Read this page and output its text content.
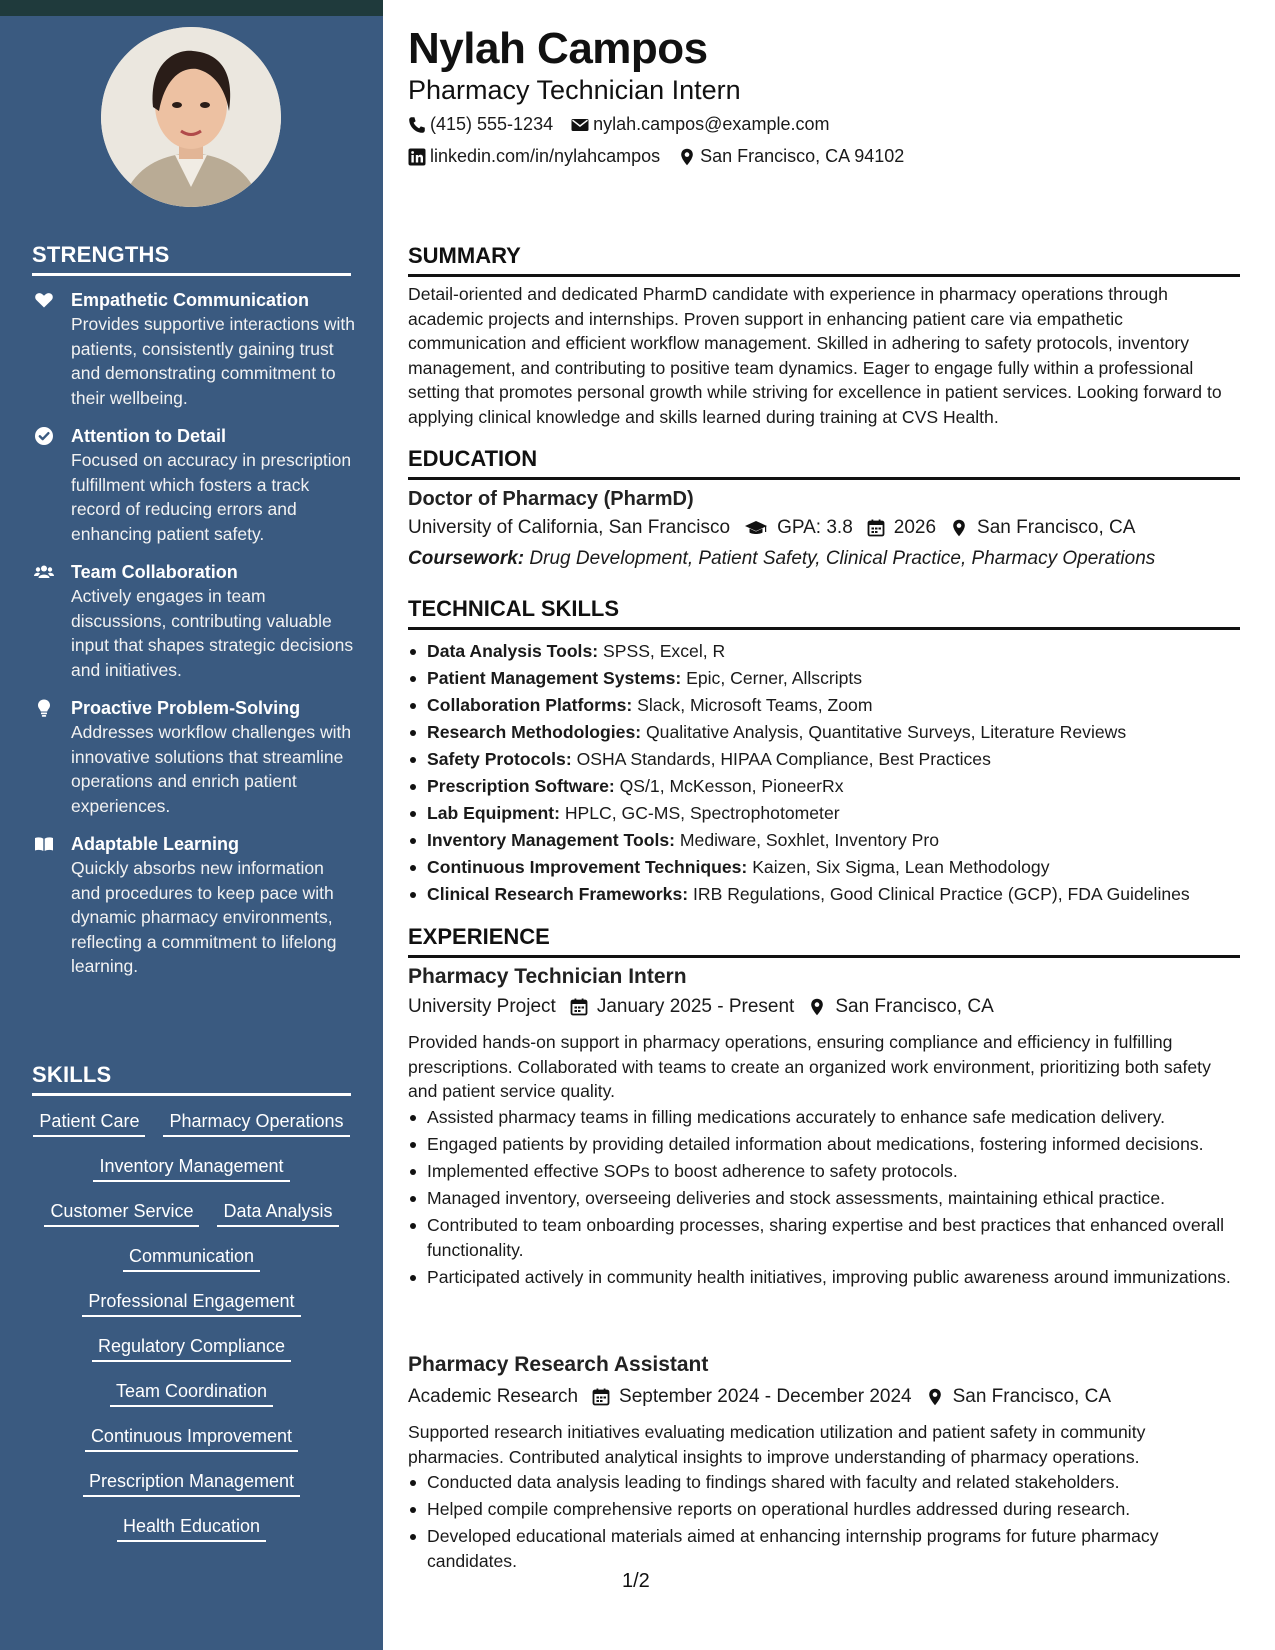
STRENGTHS
Empathetic Communication
Provides supportive interactions with patients, consistently gaining trust and demonstrating commitment to their wellbeing.
Attention to Detail
Focused on accuracy in prescription fulfillment which fosters a track record of reducing errors and enhancing patient safety.
Team Collaboration
Actively engages in team discussions, contributing valuable input that shapes strategic decisions and initiatives.
Proactive Problem-Solving
Addresses workflow challenges with innovative solutions that streamline operations and enrich patient experiences.
Adaptable Learning
Quickly absorbs new information and procedures to keep pace with dynamic pharmacy environments, reflecting a commitment to lifelong learning.
SKILLS
Patient Care	Pharmacy Operations
Inventory Management
Customer Service	Data Analysis
Communication
Professional Engagement
Regulatory Compliance
Team Coordination
Continuous Improvement
Prescription Management
Health Education
Nylah Campos
Pharmacy Technician Intern
(415) 555-1234 nylah.campos@example.com
linkedin.com/in/nylahcampos San Francisco, CA 94102
SUMMARY

Detail-oriented and dedicated PharmD candidate with experience in pharmacy operations through academic projects and internships. Proven support in enhancing patient care via empathetic communication and efficient workflow management. Skilled in adhering to safety protocols, inventory management, and contributing to positive team dynamics. Eager to engage fully within a professional setting that promotes personal growth while striving for excellence in patient services. Looking forward to applying clinical knowledge and skills learned during training at CVS Health.

EDUCATION
Doctor of Pharmacy (PharmD)
University of California, San Francisco GPA: 3.8 2026 San Francisco, CA
Coursework: Drug Development, Patient Safety, Clinical Practice, Pharmacy Operations
TECHNICAL SKILLS
Data Analysis Tools: SPSS, Excel, R
Patient Management Systems: Epic, Cerner, Allscripts
Collaboration Platforms: Slack, Microsoft Teams, Zoom
Research Methodologies: Qualitative Analysis, Quantitative Surveys, Literature Reviews
Safety Protocols: OSHA Standards, HIPAA Compliance, Best Practices
Prescription Software: QS/1, McKesson, PioneerRx
Lab Equipment: HPLC, GC-MS, Spectrophotometer
Inventory Management Tools: Mediware, Soxhlet, Inventory Pro
Continuous Improvement Techniques: Kaizen, Six Sigma, Lean Methodology
Clinical Research Frameworks: IRB Regulations, Good Clinical Practice (GCP), FDA Guidelines
EXPERIENCE
Pharmacy Technician Intern
University Project January 2025 - Present San Francisco, CA

Provided hands-on support in pharmacy operations, ensuring compliance and efficiency in fulfilling prescriptions. Collaborated with teams to create an organized work environment, prioritizing both safety and patient service quality.

Assisted pharmacy teams in filling medications accurately to enhance safe medication delivery.
Engaged patients by providing detailed information about medications, fostering informed decisions.
Implemented effective SOPs to boost adherence to safety protocols.
Managed inventory, overseeing deliveries and stock assessments, maintaining ethical practice.
Contributed to team onboarding processes, sharing expertise and best practices that enhanced overall functionality.
Participated actively in community health initiatives, improving public awareness around immunizations.
Pharmacy Research Assistant
Academic Research September 2024 - December 2024 San Francisco, CA

Supported research initiatives evaluating medication utilization and patient safety in community pharmacies. Contributed analytical insights to improve understanding of pharmacy operations.

Conducted data analysis leading to findings shared with faculty and related stakeholders.
Helped compile comprehensive reports on operational hurdles addressed during research.
Developed educational materials aimed at enhancing internship programs for future pharmacy candidates.
1/2
